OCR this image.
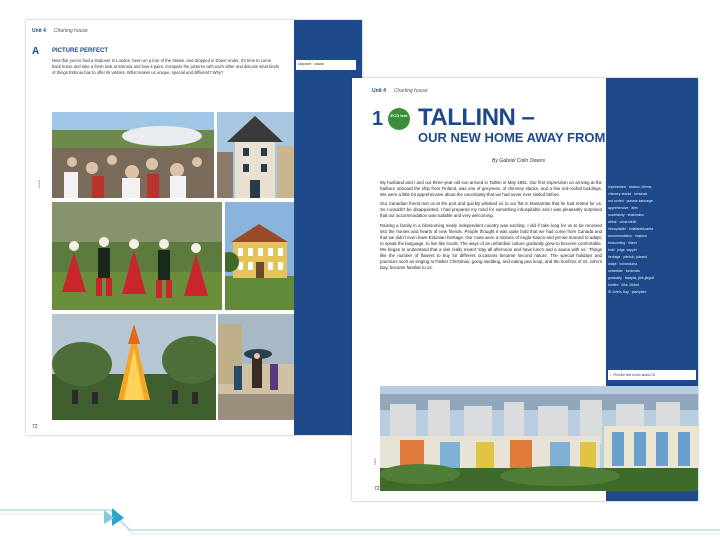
Unit 4 Charting house
A PICTURE PERFECT
Now that you've had a stopover in London, been on a tour of the States, and dropped in Down Under, it's time to come back home and take a fresh look at Estonia and how it pairs. Compare the pictures with each other and discuss what kinds of things Estonia has to offer its visitors. What makes us unique, special and different? Why?
stopover · pause
72
Estonia
Unit 4 Charting house
1	ECO text TALLINN –
OUR NEW HOME AWAY FROM HOME
By Gabriel Colin Owens

My husband and I and our three-year-old son arrived in Tallinn in May 1991. Our first impression on arriving at the harbour onboard the ship from Finland, was one of greyness, of chimney stacks, and a few red-roofed buildings. We were a little bit apprehensive about the uncertainty that we had never ever visited before.

Our Canadian friend met us at the port and quickly whisked us to our flat in Mustamäe that he had rented for us. So I wouldn't be disappointed, I had prepared my mind for something inhospitable and I was pleasantly surprised that our accommodation was suitable and very welcoming.

Raising a family in a blossoming newly independent country was exciting. I did if take long for us to be received into the homes and hearts of new friends. People thought it was quite bold that we had come from Canada and that we didn't even have Estonian heritage. Our roots were a mixture of Anglo-Saxon and yet we learned to adapt, to speak the language, to live like locals. The ways of an unfamiliar culture gradually grew to become comfortable. We began to understand that a visit really meant 'stay all afternoon and have lunch and a sauna with us.' Things like the number of flowers to buy for different occasions became second nature. The special holidays and practices such as singing to Father Christmas, going sledding, and eating pea soup, and the bonfires of St. John's Day, became familiar to us.

impressions · eksitus, hilmus
chimney stacks · korstnad
red-roofed · punase katusega
apprehensive · ärev
uncertainty · ebakindlus
whisk · viima kiirelt
inhospitable · külalislahkuseta
accommodation · majutus
blossoming · õitsev
bold · julge, vapper
heritage · päritolu, pärand
adapt · kohanduma
unfamiliar · tundmatu
gradually · tasapisi, järk-järgult
bonfire · lõke, lõkked
St John's Day · jaanipäev
✓ Find the text on the audio CD
72
Tallinn
